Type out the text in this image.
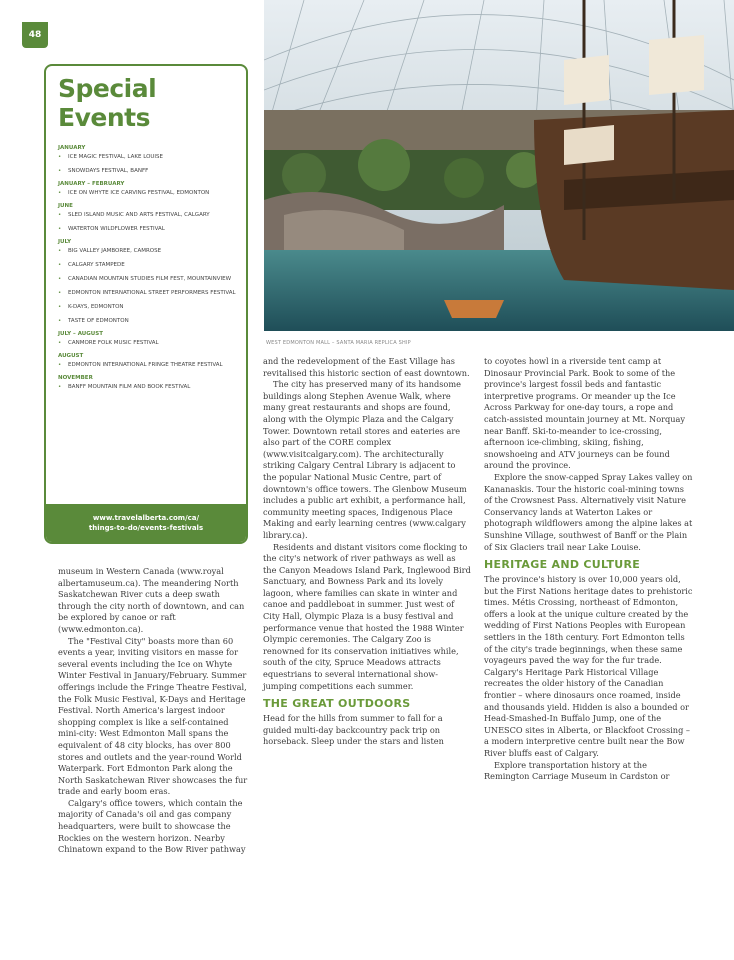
48
Special Events
JANUARY
• ICE MAGIC FESTIVAL, LAKE LOUISE
• SNOWDAYS FESTIVAL, BANFF
JANUARY – FEBRUARY
• ICE ON WHYTE ICE CARVING FESTIVAL, EDMONTON
JUNE
• SLED ISLAND MUSIC AND ARTS FESTIVAL, CALGARY
• WATERTON WILDFLOWER FESTIVAL
JULY
• BIG VALLEY JAMBOREE, CAMROSE
• CALGARY STAMPEDE
• CANADIAN MOUNTAIN STUDIES FILM FEST, MOUNTAINVIEW
• EDMONTON INTERNATIONAL STREET PERFORMERS FESTIVAL
• K-DAYS, EDMONTON
• TASTE OF EDMONTON
JULY – AUGUST
• CANMORE FOLK MUSIC FESTIVAL
AUGUST
• EDMONTON INTERNATIONAL FRINGE THEATRE FESTIVAL
NOVEMBER
• BANFF MOUNTAIN FILM AND BOOK FESTIVAL
www.travelalberta.com/ca/
things-to-do/events-festivals
WEST EDMONTON MALL – SANTA MARIA REPLICA SHIP

museum in Western Canada (www.royal albertamuseum.ca). The meandering North Saskatchewan River cuts a deep swath through the city north of downtown, and can be explored by canoe or raft (www.edmonton.ca).

The "Festival City" boasts more than 60 events a year, inviting visitors en masse for several events including the Ice on Whyte Winter Festival in January/February. Summer offerings include the Fringe Theatre Festival, the Folk Music Festival, K-Days and Heritage Festival. North America's largest indoor shopping complex is like a self-contained mini-city: West Edmonton Mall spans the equivalent of 48 city blocks, has over 800 stores and outlets and the year-round World Waterpark. Fort Edmonton Park along the North Saskatchewan River showcases the fur trade and early boom eras.

Calgary's office towers, which contain the majority of Canada's oil and gas company headquarters, were built to showcase the Rockies on the western horizon. Nearby Chinatown expand to the Bow River pathway

and the redevelopment of the East Village has revitalised this historic section of east downtown.

The city has preserved many of its handsome buildings along Stephen Avenue Walk, where many great restaurants and shops are found, along with the Olympic Plaza and the Calgary Tower. Downtown retail stores and eateries are also part of the CORE complex (www.visitcalgary.com). The architecturally striking Calgary Central Library is adjacent to the popular National Music Centre, part of downtown's office towers. The Glenbow Museum includes a public art exhibit, a performance hall, community meeting spaces, Indigenous Place Making and early learning centres (www.calgary library.ca).

Residents and distant visitors come flocking to the city's network of river pathways as well as the Canyon Meadows Island Park, Inglewood Bird Sanctuary, and Bowness Park and its lovely lagoon, where families can skate in winter and canoe and paddleboat in summer. Just west of City Hall, Olympic Plaza is a busy festival and performance venue that hosted the 1988 Winter Olympic ceremonies. The Calgary Zoo is renowned for its conservation initiatives while, south of the city, Spruce Meadows attracts equestrians to several international show-jumping competitions each summer.

THE GREAT OUTDOORS

Head for the hills from summer to fall for a guided multi-day backcountry pack trip on horseback. Sleep under the stars and listen

to coyotes howl in a riverside tent camp at Dinosaur Provincial Park. Book to some of the province's largest fossil beds and fantastic interpretive programs. Or meander up the Ice Across Parkway for one-day tours, a rope and catch-assisted mountain journey at Mt. Norquay near Banff. Ski-to-meander to ice-crossing, afternoon ice-climbing, skiing, fishing, snowshoeing and ATV journeys can be found around the province.

Explore the snow-capped Spray Lakes valley on Kananaskis. Tour the historic coal-mining towns of the Crowsnest Pass. Alternatively visit Nature Conservancy lands at Waterton Lakes or photograph wildflowers among the alpine lakes at Sunshine Village, southwest of Banff or the Plain of Six Glaciers trail near Lake Louise.

HERITAGE AND CULTURE

The province's history is over 10,000 years old, but the First Nations heritage dates to prehistoric times. Métis Crossing, northeast of Edmonton, offers a look at the unique culture created by the wedding of First Nations Peoples with European settlers in the 18th century. Fort Edmonton tells of the city's trade beginnings, when these same voyageurs paved the way for the fur trade. Calgary's Heritage Park Historical Village recreates the older history of the Canadian frontier – where dinosaurs once roamed, inside and thousands yield. Hidden is also a bounded or Head-Smashed-In Buffalo Jump, one of the UNESCO sites in Alberta, or Blackfoot Crossing – a modern interpretive centre built near the Bow River bluffs east of Calgary.

Explore transportation history at the Remington Carriage Museum in Cardston or
